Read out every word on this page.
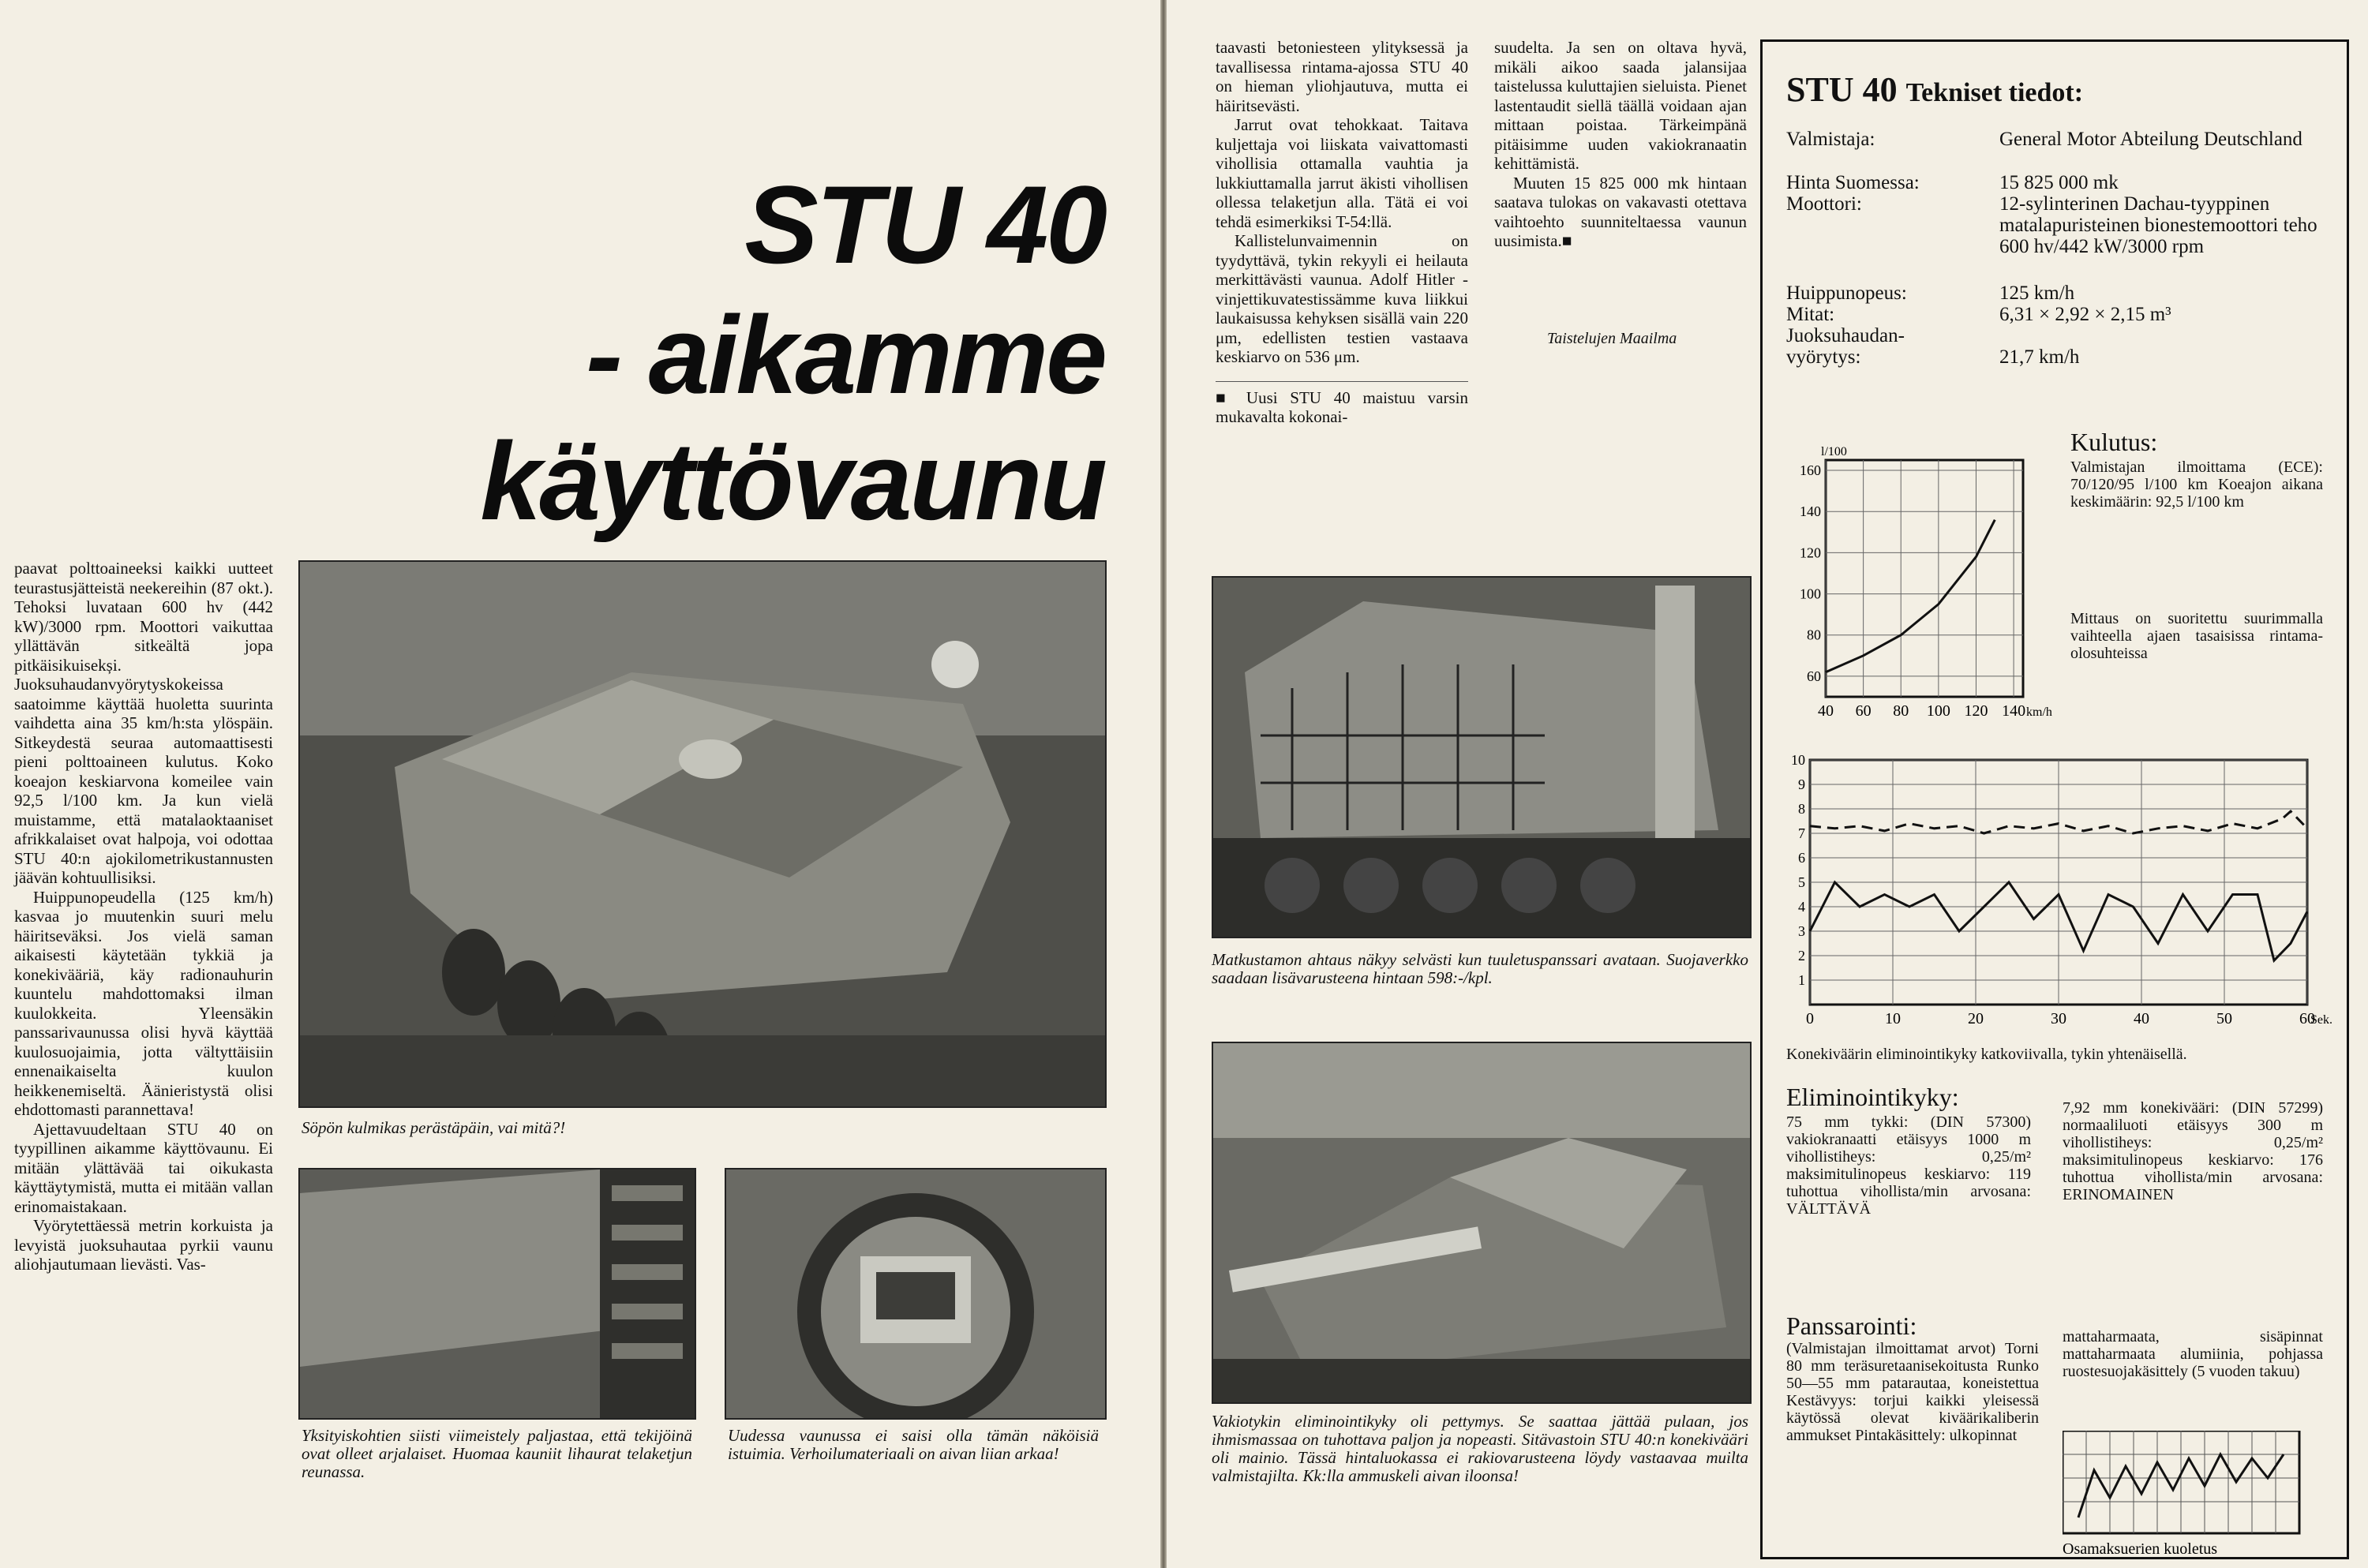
STU 40
- aikamme
käyttövaunu

paavat polttoaineeksi kaikki uutteet teurastusjätteistä neekereihin (87 okt.). Tehoksi luvataan 600 hv (442 kW)/3000 rpm. Moottori vaikuttaa yllättävän sitkeältä jopa pitkäisikuisekși. Juoksuhaudanvyörytyskokeissa saatoimme käyttää huoletta suurinta vaihdetta aina 35 km/h:sta ylöspäin. Sitkeydestä seuraa automaattisesti pieni polttoaineen kulutus. Koko koeajon keskiarvona komeilee vain 92,5 l/100 km. Ja kun vielä muistamme, että matalaoktaaniset afrikkalaiset ovat halpoja, voi odottaa STU 40:n ajokilometrikustannusten jäävän kohtuullisiksi.

Huippunopeudella (125 km/h) kasvaa jo muutenkin suuri melu häiritseväksi. Jos vielä saman aikaisesti käytetään tykkiä ja konekivääriä, käy radionauhurin kuuntelu mahdottomaksi ilman kuulokkeita. Yleensäkin panssarivaunussa olisi hyvä käyttää kuulosuojaimia, jotta vältyttäisiin ennenaikaiselta kuulon heikkenemiseltä. Äänieristystä olisi ehdottomasti parannettava!

Ajettavuudeltaan STU 40 on tyypillinen aikamme käyttövaunu. Ei mitään ylättävää tai oikukasta käyttäytymistä, mutta ei mitään vallan erinomaistakaan.

Vyörytettäessä metrin korkuista ja levyistä juoksuhautaa pyrkii vaunu aliohjautumaan lievästi. Vas-

Söpön kulmikas perästäpäin, vai mitä?!
Yksityiskohtien siisti viimeistely paljastaa, että tekijöinä ovat olleet arjalaiset. Huomaa kauniit lihaurat telaketjun reunassa.
Uudessa vaunussa ei saisi olla tämän näköisiä istuimia. Verhoilumateriaali on aivan liian arkaa!

taavasti betoniesteen ylityksessä ja tavallisessa rintama-ajossa STU 40 on hieman yliohjautuva, mutta ei häiritsevästi.

Jarrut ovat tehokkaat. Taitava kuljettaja voi liiskata vaivattomasti vihollisia ottamalla vauhtia ja lukkiuttamalla jarrut äkisti vihollisen ollessa telaketjun alla. Tätä ei voi tehdä esimerkiksi T-54:llä.

Kallistelunvaimennin on tyydyttävä, tykin rekyyli ei heilauta merkittävästi vaunua. Adolf Hitler -vinjettikuvatestissämme kuva liikkui laukaisussa kehyksen sisällä vain 220 μm, edellisten testien vastaava keskiarvo on 536 μm.

■ Uusi STU 40 maistuu varsin mukavalta kokonai-

suudelta. Ja sen on oltava hyvä, mikäli aikoo saada jalansijaa taistelussa kuluttajien sieluista. Pienet lastentaudit siellä täällä voidaan ajan mittaan poistaa. Tärkeimpänä pitäisimme uuden vakiokranaatin kehittämistä.

Muuten 15 825 000 mk hintaan saatava tulokas on vakavasti otettava vaihtoehto suunniteltaessa vaunun uusimista.■

Taistelujen Maailma
Matkustamon ahtaus näkyy selvästi kun tuuletuspanssari avataan. Suojaverkko saadaan lisävarusteena hintaan 598:-/kpl.
Vakiotykin eliminointikyky oli pettymys. Se saattaa jättää pulaan, jos ihmismassaa on tuhottava paljon ja nopeasti. Sitävastoin STU 40:n konekivääri oli mainio. Tässä hintaluokassa ei rakiovarusteena löydy vastaavaa muilta valmistajilta. Kk:lla ammuskeli aivan iloonsa!
STU 40 Tekniset tiedot:
Valmistaja:	General Motor Abteilung Deutschland
Hinta Suomessa:	15 825 000 mk
Moottori:	12-sylinterinen Dachau-tyyppinen matalapuristeinen bionestemoottori teho 600 hv/442 kW/3000 rpm
Huippunopeus:	125 km/h
Mitat:	6,31 × 2,92 × 2,15 m³
Juoksuhaudan-vyörytys:	21,7 km/h
60
80
100
120
140
160
40 60 80 100 120 140 km/h
l/100	Kulutus:
Valmistajan ilmoittama (ECE): 70/120/95 l/100 km Koeajon aikana keskimäärin: 92,5 l/100 km
Mittaus on suoritettu suurimmalla vaihteella ajaen tasaisissa rintama-olosuhteissa
1
2
3
4
5
6
7
8
9
10
0	10	20	30	40	50	60
Sek.
Konekiväärin eliminointikyky katkoviivalla, tykin yhtenäisellä.
Eliminointikyky:
75 mm tykki: (DIN 57300) vakiokranaatti etäisyys 1000 m vihollistiheys: 0,25/m² maksimitulinopeus keskiarvo: 119 tuhottua vihollista/min arvosana: VÄLTTÄVÄ
7,92 mm konekivääri: (DIN 57299) normaaliluoti etäisyys 300 m vihollistiheys: 0,25/m² maksimitulinopeus keskiarvo: 176 tuhottua vihollista/min arvosana: ERINOMAINEN
Panssarointi:
(Valmistajan ilmoittamat arvot) Torni 80 mm teräsuretaanisekoitusta Runko 50—55 mm patarautaa, koneistettua Kestävyys: torjui kaikki yleisessä käytössä olevat kiväärikaliberin ammukset Pintakäsittely: ulkopinnat
mattaharmaata, sisäpinnat mattaharmaata alumiinia, pohjassa ruostesuojakäsittely (5 vuoden takuu)
Osamaksuerien kuoletus
